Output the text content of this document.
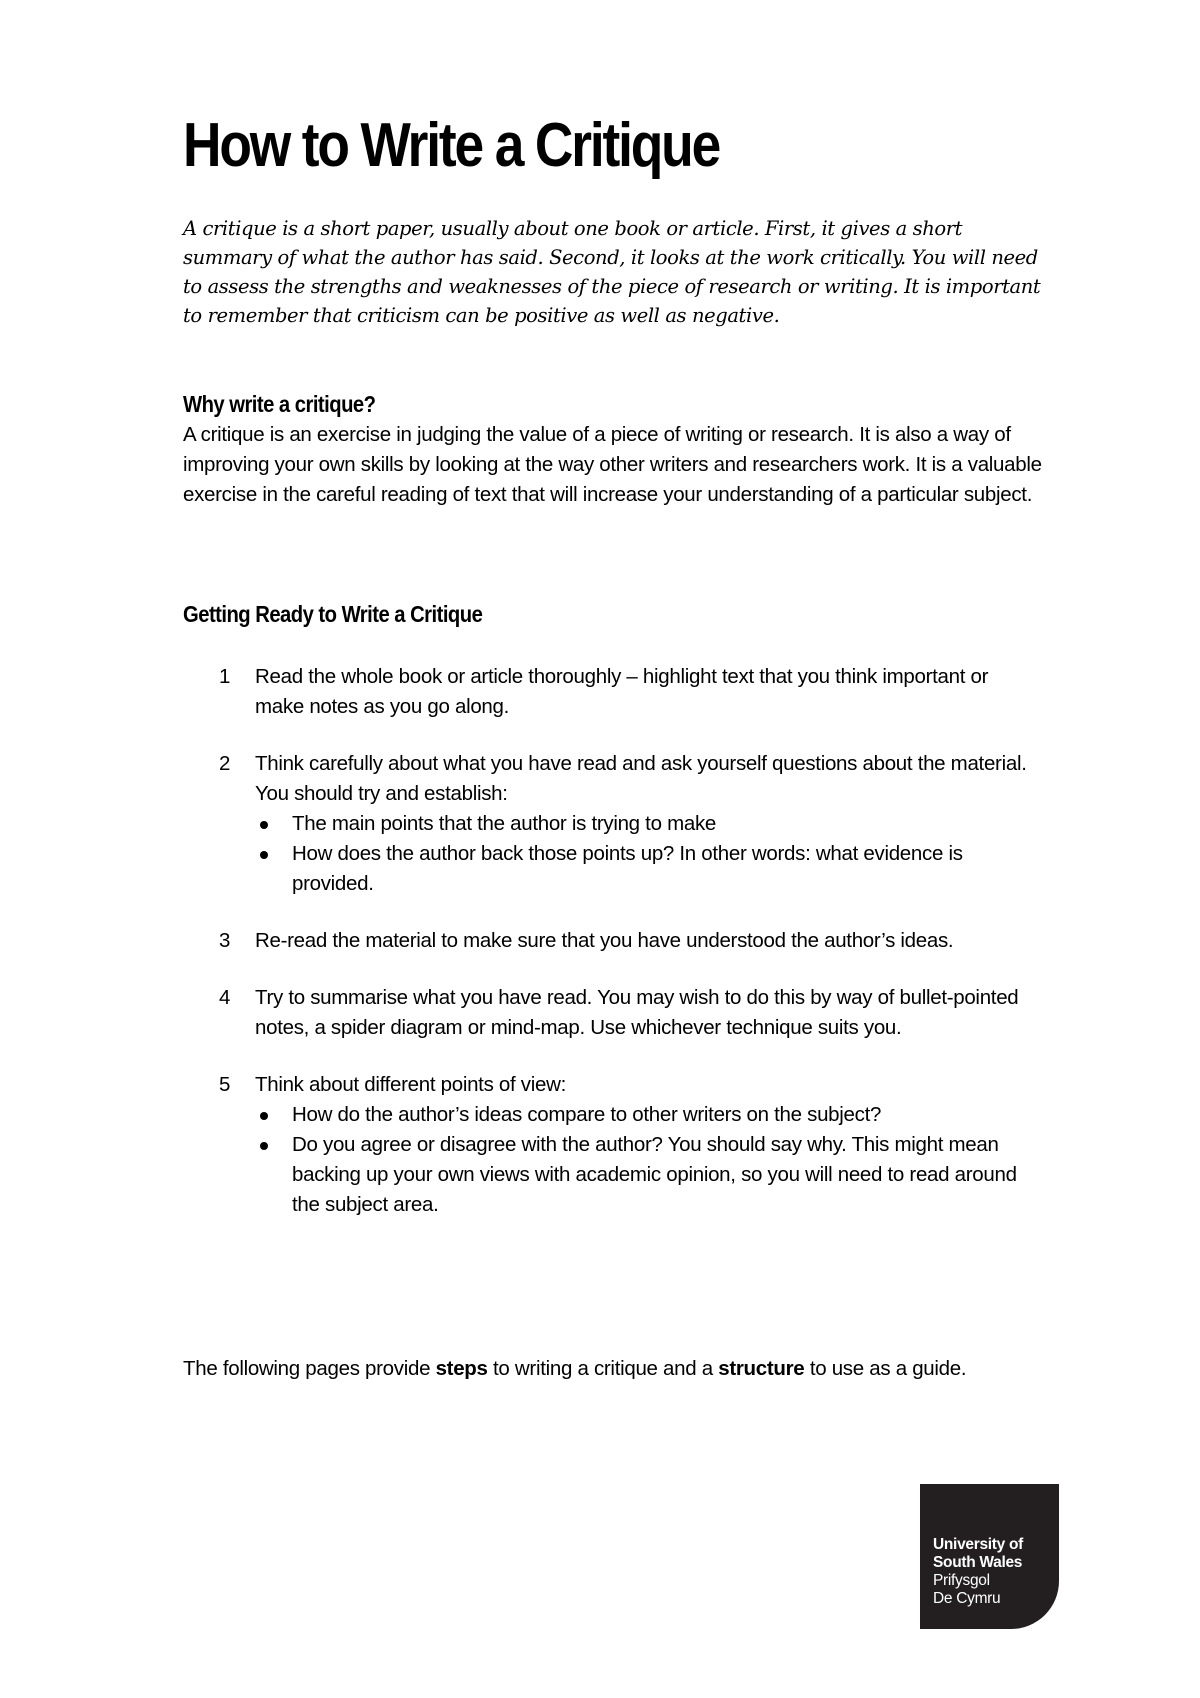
How to Write a Critique

A critique is a short paper, usually about one book or article. First, it gives a short summary of what the author has said. Second, it looks at the work critically. You will need to assess the strengths and weaknesses of the piece of research or writing. It is important to remember that criticism can be positive as well as negative.

Why write a critique?

A critique is an exercise in judging the value of a piece of writing or research. It is also a way of improving your own skills by looking at the way other writers and researchers work. It is a valuable exercise in the careful reading of text that will increase your understanding of a particular subject.

Getting Ready to Write a Critique
1 Read the whole book or article thoroughly – highlight text that you think important or make notes as you go along.
2 Think carefully about what you have read and ask yourself questions about the material. You should try and establish:
The main points that the author is trying to make
How does the author back those points up? In other words: what evidence is provided.
3 Re-read the material to make sure that you have understood the author’s ideas.
4 Try to summarise what you have read. You may wish to do this by way of bullet-pointed notes, a spider diagram or mind-map. Use whichever technique suits you.
5 Think about different points of view:
How do the author’s ideas compare to other writers on the subject?
Do you agree or disagree with the author? You should say why. This might mean backing up your own views with academic opinion, so you will need to read around the subject area.

The following pages provide steps to writing a critique and a structure to use as a guide.

University of
South Wales
Prifysgol
De Cymru
